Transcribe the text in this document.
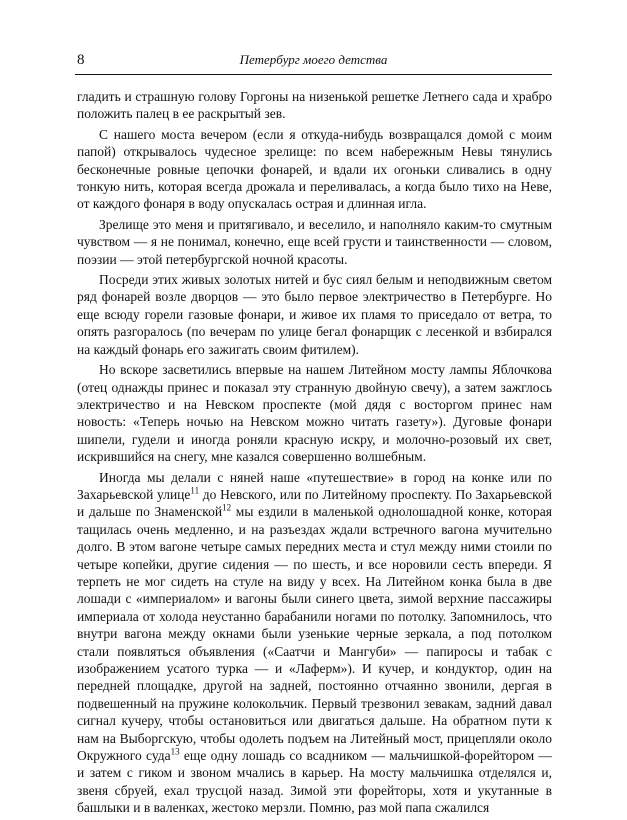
8	Петербург моего детства

гладить и страшную голову Горгоны на низенькой решетке Летнего сада и храбро положить палец в ее раскрытый зев.

С нашего моста вечером (если я откуда-нибудь возвращался домой с моим папой) открывалось чудесное зрелище: по всем набережным Невы тянулись бесконечные ровные цепочки фонарей, и вдали их огоньки сливались в одну тонкую нить, которая всегда дрожала и переливалась, а когда было тихо на Неве, от каждого фонаря в воду опускалась острая и длинная игла.

Зрелище это меня и притягивало, и веселило, и наполняло каким-то смутным чувством — я не понимал, конечно, еще всей грусти и таинственности — словом, поэзии — этой петербургской ночной красоты.

Посреди этих живых золотых нитей и бус сиял белым и неподвижным светом ряд фонарей возле дворцов — это было первое электричество в Петербурге. Но еще всюду горели газовые фонари, и живое их пламя то приседало от ветра, то опять разгоралось (по вечерам по улице бегал фонарщик с лесенкой и взбирался на каждый фонарь его зажигать своим фитилем).

Но вскоре засветились впервые на нашем Литейном мосту лампы Яблочкова (отец однажды принес и показал эту странную двойную свечу), а затем зажглось электричество и на Невском проспекте (мой дядя с восторгом принес нам новость: «Теперь ночью на Невском можно читать газету»). Дуговые фонари шипели, гудели и иногда роняли красную искру, и молочно-розовый их свет, искрившийся на снегу, мне казался совершенно волшебным.

Иногда мы делали с няней наше «путешествие» в город на конке или по Захарьевской улице$^{11}$ до Невского, или по Литейному проспекту. По Захарьевской и дальше по Знаменской$^{12}$ мы ездили в маленькой однолошадной конке, которая тащилась очень медленно, и на разъездах ждали встречного вагона мучительно долго. В этом вагоне четыре самых передних места и стул между ними стоили по четыре копейки, другие сидения — по шесть, и все норовили сесть впереди. Я терпеть не мог сидеть на стуле на виду у всех. На Литейном конка была в две лошади с «империалом» и вагоны были синего цвета, зимой верхние пассажиры империала от холода неустанно барабанили ногами по потолку. Запомнилось, что внутри вагона между окнами были узенькие черные зеркала, а под потолком стали появляться объявления («Саатчи и Мангуби» — папиросы и табак с изображением усатого турка — и «Лаферм»). И кучер, и кондуктор, один на передней площадке, другой на задней, постоянно отчаянно звонили, дергая в подвешенный на пружине колокольчик. Первый трезвонил зевакам, задний давал сигнал кучеру, чтобы остановиться или двигаться дальше. На обратном пути к нам на Выборгскую, чтобы одолеть подъем на Литейный мост, прицепляли около Окружного суда$^{13}$ еще одну лошадь со всадником — мальчишкой-форейтором — и затем с гиком и звоном мчались в карьер. На мосту мальчишка отделялся и, звеня сбруей, ехал трусцой назад. Зимой эти форейторы, хотя и укутанные в башлыки и в валенках, жестоко мерзли. Помню, раз мой папа сжалился
